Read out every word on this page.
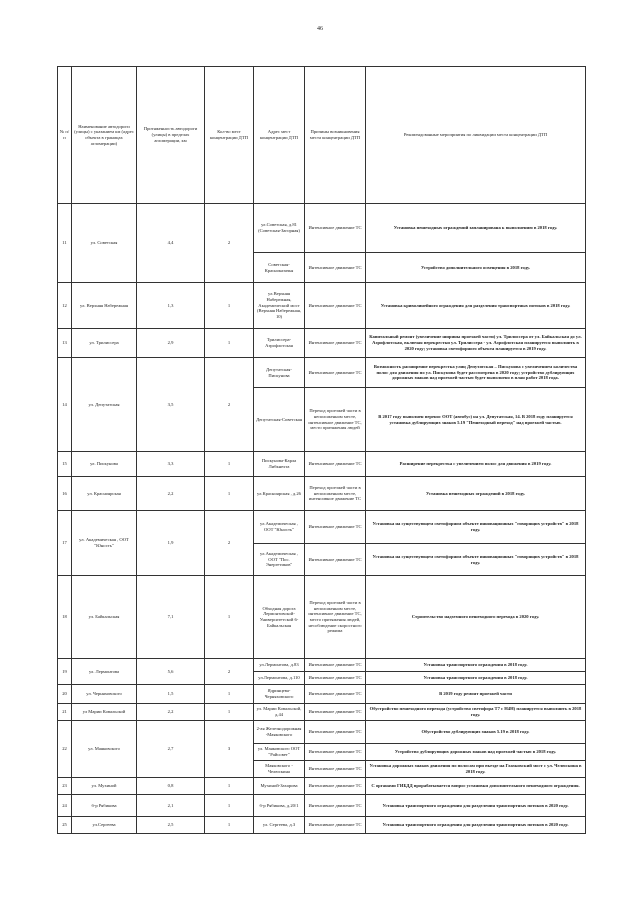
46
№ п/п	Наименование автодороги (улицы) с указанием км (адрес объекта в границах агломерации)	Протяженность автодороги (улицы) в пределах агломерации, км	Кол-во мест концентрации ДТП	Адрес мест концентрации ДТП	Причины возникновения места концентрации ДТП	Рекомендованные мероприятия по ликвидации места концентрации ДТП
11	ул. Советская	4,4	2	ул.Советская, д.81 (Советская-Загорная)	Интенсивное движение ТС	Установка пешеходных ограждений запланирована к выполнению в 2018 году.
				Советская-Красноказачья	Интенсивное движение ТС	Устройство дополнительного освещения в 2018 году.
12	ул. Верхняя Набережная	1,3	1	ул.Верхняя Набережная, Академический мост (Верхняя Набережная, 10)	Интенсивное движение ТС	Установка криволинейного ограждения для разделения транспортных потоков в 2018 году.
13	ул. Трилиссера	2,9	1	Трилиссера-Аэрофлотская	Интенсивное движение ТС	Капитальный ремонт (увеличение ширины проезжей части) ул. Трилиссера от ул. Байкальская до ул. Аэрофлотская, включая перекрестки ул. Трилиссера - ул. Аэрофлотская планируется выполнить в 2020 году; установка светофорного объекта планируется в 2019 году.
14	ул. Депутатская	3,5	2	Депутатская-Пискунова	Интенсивное движение ТС	Возможность расширение перекрестка улиц Депутатская – Пискунова с увеличением количества полос для движения по ул. Пискунова будет рассмотрена в 2020 году; устройство дублирующих дорожных знаков над проезжей частью будет выполнено в план работ 2018 года.
				Депутатская-Советская	Переход проезжей части в неположенном месте, интенсивное движение ТС, место притяжения людей	В 2017 году выполнен перенос ООТ (автобус) на ул. Депутатская, 14. В 2018 году планируется установка дублирующих знаков 5.19 "Пешеходный переход" над проезжей частью.
15	ул. Пискунова	3,3	1	Пискунова-Карла Либкнехта	Интенсивное движение ТС	Расширение перекрестка с увеличением полос для движения в 2019 году.
16	ул. Красноярская	2,2	1	ул.Красноярская , д.26	Переход проезжей части в неположенном месте, интенсивное движение ТС	Установка пешеходных ограждений в 2018 году.
17	ул. Академическая , ООТ "Юность"	1,9	2	ул.Академическая , ООТ "Юность"	Интенсивное движение ТС	Установка на существующем светофорном объекте инновационных "говорящих устройств" в 2018 году.
				ул.Академическая , ООТ "Пос. Энергетиков"	Интенсивное движение ТС	Установка на существующем светофорном объекте инновационных "говорящих устройств" в 2018 году.
18	ул. Байкальская	7,1	1	Обходная дорога Лермонтовской-Университетской 6-Байкальская	Переход проезжей части в неположенном месте, интенсивное движение ТС, место притяжения людей, несоблюдение скоростного режима	Строительство надземного пешеходного перехода в 2020 году.
19	ул. Лермонтова	5,6	2	ул.Лермонтова, д.83	Интенсивное движение ТС	Установка транспортного ограждения в 2018 году.
				ул.Лермонтова, д.110	Интенсивное движение ТС	Установка транспортного ограждения в 2018 году.
20	ул. Черняховского	1,5	1	Ядринцева-Черняховского	Интенсивное движение ТС	В 2019 году ремонт проезжей части
21	ул Марии Ковальской	2,2	1	ул. Марии Ковальской, д.44	Интенсивное движение ТС	Обустройство пешеходного перехода (устройство светофора Т7 с Н4Н) планируется выполнить в 2018 году.
22	ул. Маяковского	2,7	3	2-ая Железнодорожная -Маяковского	Интенсивное движение ТС	Обустройство дублирующих знаков 5.19 в 2018 году.
				ул. Маяковского ООТ "Райсовет"	Интенсивное движение ТС	Устройство дублирующих дорожных знаков над проезжей частью в 2018 году.
				Маяковского - Челюскина	Интенсивное движение ТС	Установка дорожных знаков движения по полосам при въезде на Глазковский мост с ул. Челюскина в 2018 году.
23	ул. Мухиной	0,8	1	Мухиной-Захарова	Интенсивное движение ТС	С органами ГИБДД прорабатывается вопрос установки дополнительного пешеходного ограждения.
24	б-р Рябикова	2,1	1	б-р Рябикова, д.20/1	Интенсивное движение ТС	Установка транспортного ограждения для разделения транспортных потоков в 2020 году.
25	ул.Сергеева	2,5	1	ул. Сергеева, д.3	Интенсивное движение ТС	Установка транспортного ограждения для разделения транспортных потоков в 2020 году.
